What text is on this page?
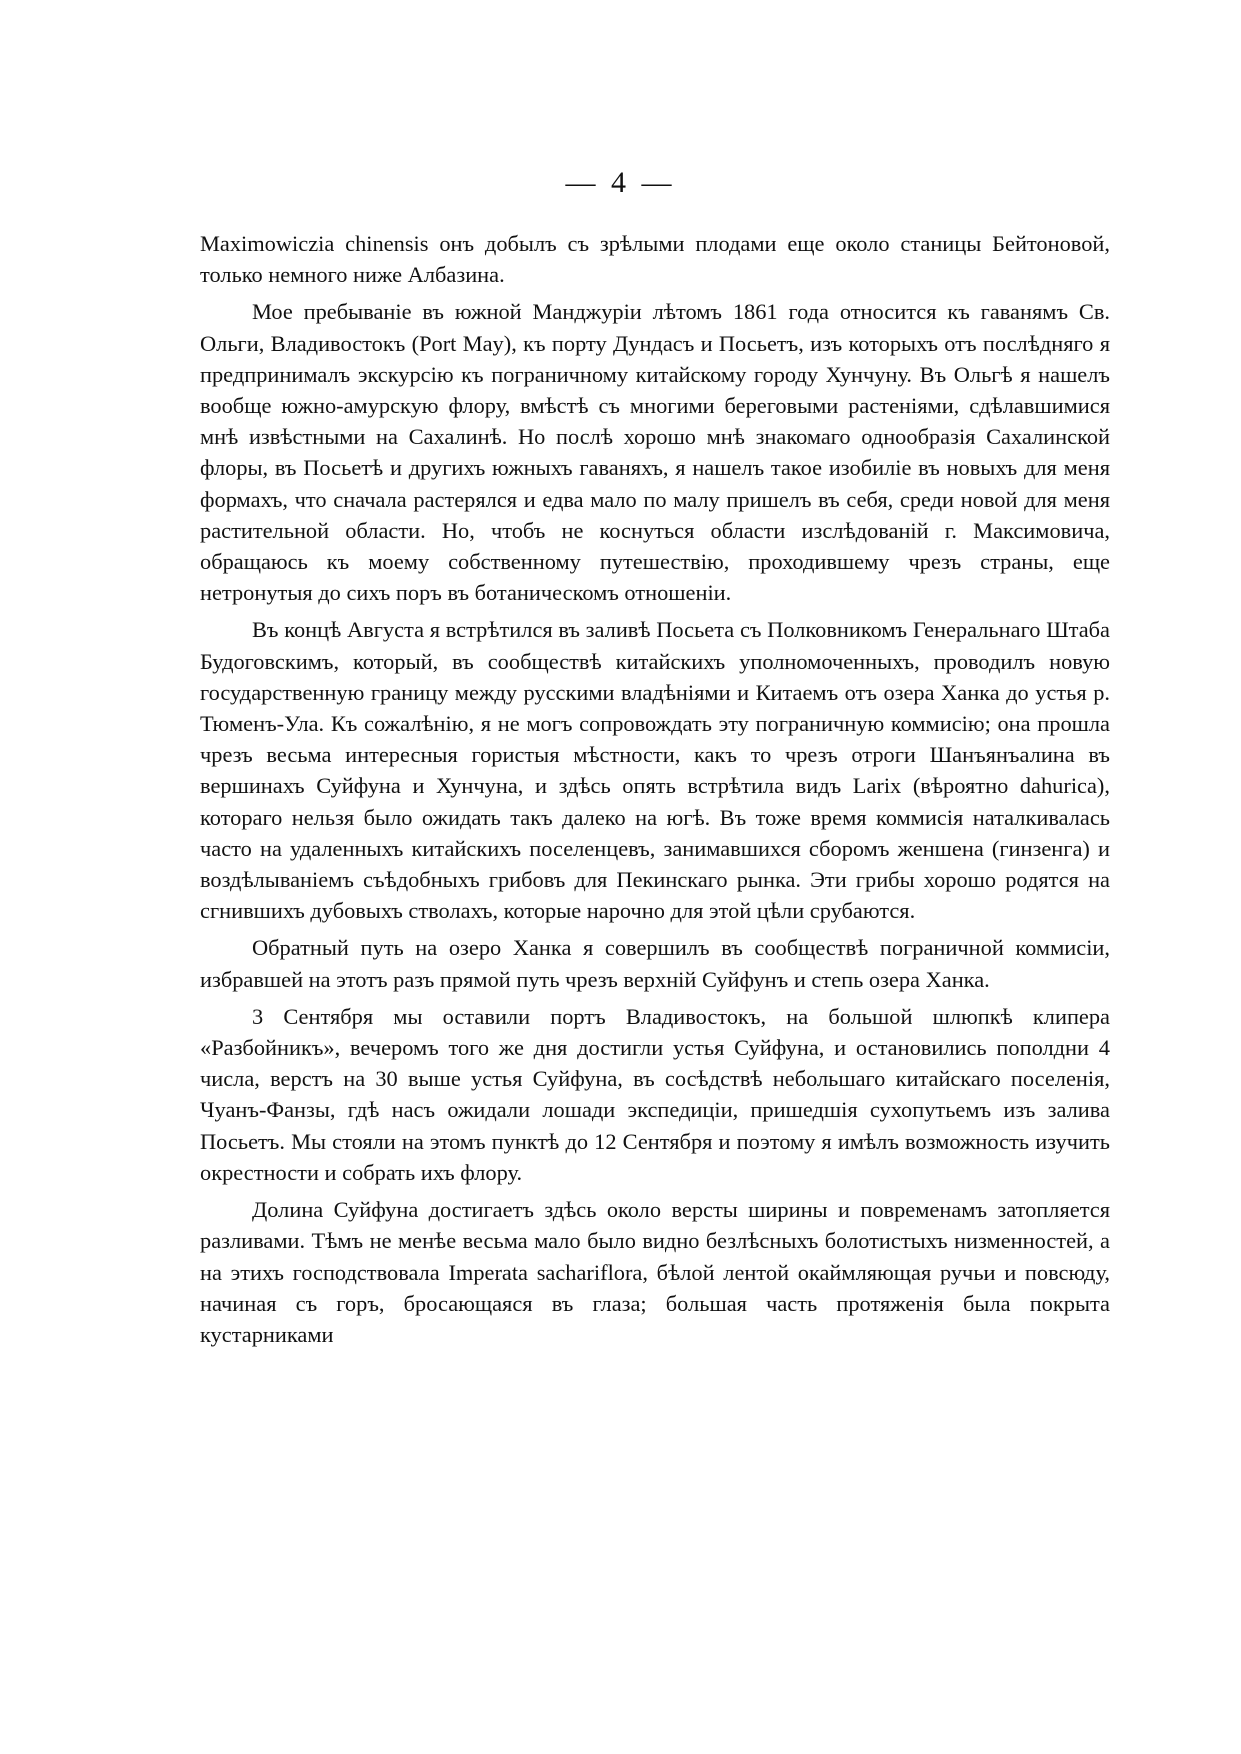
— 4 —

Maximowiczia chinensis онъ добылъ съ зрѣлыми плодами еще около станицы Бейтоновой, только немного ниже Албазина.

Мое пребываніе въ южной Манджуріи лѣтомъ 1861 года относится къ гаванямъ Св. Ольги, Владивостокъ (Port May), къ порту Дундасъ и Посьетъ, изъ которыхъ отъ послѣдняго я предпринималъ экскурсію къ пограничному китайскому городу Хунчуну. Въ Ольгѣ я нашелъ вообще южно-амурскую флору, вмѣстѣ съ многими береговыми растеніями, сдѣлавшимися мнѣ извѣстными на Сахалинѣ. Но послѣ хорошо мнѣ знакомаго однообразія Сахалинской флоры, въ Посьетѣ и другихъ южныхъ гаваняхъ, я нашелъ такое изобиліе въ новыхъ для меня формахъ, что сначала растерялся и едва мало по малу пришелъ въ себя, среди новой для меня растительной области. Но, чтобъ не коснуться области изслѣдованій г. Максимовича, обращаюсь къ моему собственному путешествію, проходившему чрезъ страны, еще нетронутыя до сихъ поръ въ ботаническомъ отношеніи.

Въ концѣ Августа я встрѣтился въ заливѣ Посьета съ Полковникомъ Генеральнаго Штаба Будоговскимъ, который, въ сообществѣ китайскихъ уполномоченныхъ, проводилъ новую государственную границу между русскими владѣніями и Китаемъ отъ озера Ханка до устья р. Тюменъ-Ула. Къ сожалѣнію, я не могъ сопровождать эту пограничную коммисію; она прошла чрезъ весьма интересныя гористыя мѣстности, какъ то чрезъ отроги Шанъянъалина въ вершинахъ Суйфуна и Хунчуна, и здѣсь опять встрѣтила видъ Larix (вѣроятно dahurica), котораго нельзя было ожидать такъ далеко на югѣ. Въ тоже время коммисія наталкивалась часто на удаленныхъ китайскихъ поселенцевъ, занимавшихся сборомъ женшена (гинзенга) и воздѣлываніемъ съѣдобныхъ грибовъ для Пекинскаго рынка. Эти грибы хорошо родятся на сгнившихъ дубовыхъ стволахъ, которые нарочно для этой цѣли срубаются.

Обратный путь на озеро Ханка я совершилъ въ сообществѣ пограничной коммисіи, избравшей на этотъ разъ прямой путь чрезъ верхній Суйфунъ и степь озера Ханка.

3 Сентября мы оставили портъ Владивостокъ, на большой шлюпкѣ клипера «Разбойникъ», вечеромъ того же дня достигли устья Суйфуна, и остановились пополдни 4 числа, верстъ на 30 выше устья Суйфуна, въ сосѣдствѣ небольшаго китайскаго поселенія, Чуанъ-Фанзы, гдѣ насъ ожидали лошади экспедиціи, пришедшія сухопутьемъ изъ залива Посьетъ. Мы стояли на этомъ пунктѣ до 12 Сентября и поэтому я имѣлъ возможность изучить окрестности и собрать ихъ флору.

Долина Суйфуна достигаетъ здѣсь около версты ширины и повременамъ затопляется разливами. Тѣмъ не менѣе весьма мало было видно безлѣсныхъ болотистыхъ низменностей, а на этихъ господствовала Imperata sachariflora, бѣлой лентой окаймляющая ручьи и повсюду, начиная съ горъ, бросающаяся въ глаза; большая часть протяженія была покрыта кустарниками
